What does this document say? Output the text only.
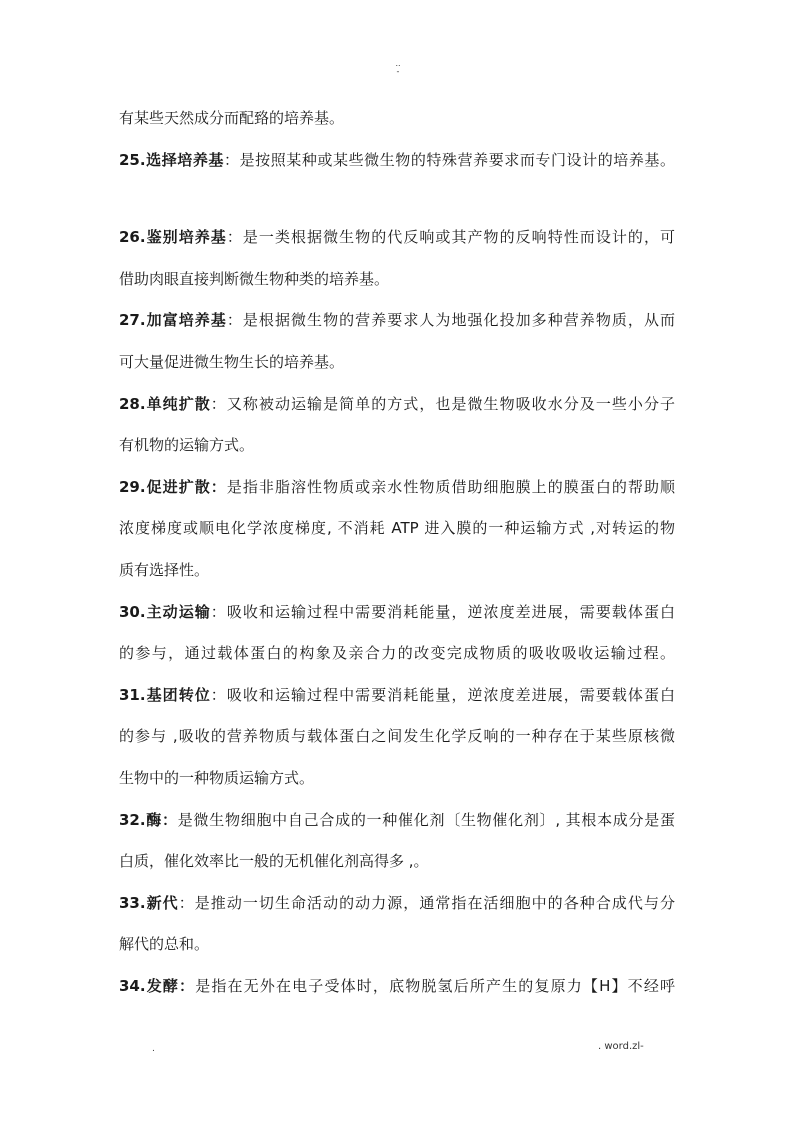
..
-
有某些天然成分而配臵的培养基。
25.选择培养基：是按照某种或某些微生物的特殊营养要求而专门设计的培养基。
26.鉴别培养基：是一类根据微生物的代反响或其产物的反响特性而设计的，可
借助肉眼直接判断微生物种类的培养基。
27.加富培养基：是根据微生物的营养要求人为地强化投加多种营养物质，从而
可大量促进微生物生长的培养基。
28.单纯扩散：又称被动运输是简单的方式，也是微生物吸收水分及一些小分子
有机物的运输方式。
29.促进扩散：是指非脂溶性物质或亲水性物质借助细胞膜上的膜蛋白的帮助顺
浓度梯度或顺电化学浓度梯度, 不消耗 ATP 进入膜的一种运输方式 ,对转运的物
质有选择性。
30.主动运输：吸收和运输过程中需要消耗能量，逆浓度差进展，需要载体蛋白
的参与，通过载体蛋白的构象及亲合力的改变完成物质的吸收吸收运输过程。
31.基团转位：吸收和运输过程中需要消耗能量，逆浓度差进展，需要载体蛋白
的参与 ,吸收的营养物质与载体蛋白之间发生化学反响的一种存在于某些原核微
生物中的一种物质运输方式。
32.酶：是微生物细胞中自己合成的一种催化剂〔生物催化剂〕, 其根本成分是蛋
白质，催化效率比一般的无机催化剂高得多 ,。
33.新代：是推动一切生命活动的动力源，通常指在活细胞中的各种合成代与分
解代的总和。
34.发酵：是指在无外在电子受体时，底物脱氢后所产生的复原力【H】不经呼
.	. word.zl-
